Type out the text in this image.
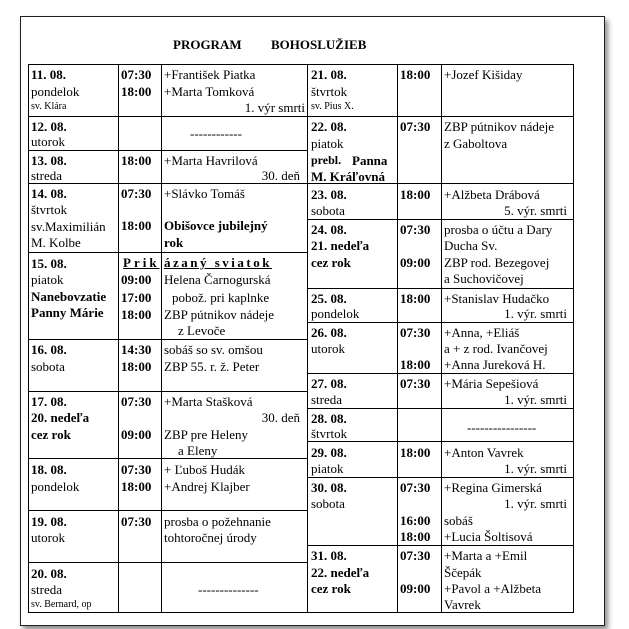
PROGRAM BOHOSLUŽIEB
11. 08.
pondelok
sv. Klára
07:30
18:00
+František Piatka
+Marta Tomková
1. výr smrti
12. 08.
utorok
------------
13. 08.
streda
18:00 +Marta Havrilová
30. deň
14. 08.
štvrtok
sv.Maximilián
M. Kolbe
07:30
18:00
+Slávko Tomáš
Obišovce jubilejný
rok
15. 08.
piatok
Nanebovzatie
Panny Márie
Prik ázaný sviatok
09:00
17:00
18:00
Helena Čarnogurská
pobož. pri kaplnke
ZBP pútnikov nádeje
z Levoče
16. 08.
sobota
14:30
18:00
sobáš so sv. omšou
ZBP 55. r. ž. Peter
17. 08.
20. nedeľa
cez rok
07:30
09:00
+Marta Stašková
30. deň
ZBP pre Heleny
a Eleny
18. 08.
pondelok
07:30
18:00
+ Ľuboš Hudák
+Andrej Klajber
19. 08.
utorok
07:30 prosba o požehnanie
tohtoročnej úrody
20. 08.
streda
sv. Bernard, op
--------------
21. 08.
štvrtok
sv. Pius X.
18:00 +Jozef Kišiday
22. 08.
piatok
prebl. Panna
M. Kráľovná
07:30 ZBP pútnikov nádeje
z Gaboltova
23. 08.
sobota
18:00 +Alžbeta Drábová
5. výr. smrti
24. 08.
21. nedeľa
cez rok
07:30
09:00
prosba o účtu a Dary
Ducha Sv.
ZBP rod. Bezegovej
a Suchovičovej
25. 08.
pondelok
18:00 +Stanislav Hudačko
1. výr. smrti
26. 08.
utorok
07:30
18:00
+Anna, +Eliáš
a + z rod. Ivančovej
+Anna Jureková H.
27. 08.
streda
07:30 +Mária Sepešiová
1. výr. smrti
28. 08.
štvrtok	----------------
29. 08.
piatok
18:00 +Anton Vavrek
1. výr. smrti
30. 08.
sobota
07:30
16:00
18:00
+Regina Gimerská
1. výr. smrti
sobáš
+Lucia Šoltisová
31. 08.
22. nedeľa
cez rok
07:30
09:00
+Marta a +Emil
Ščepák
+Pavol a +Alžbeta
Vavrek
